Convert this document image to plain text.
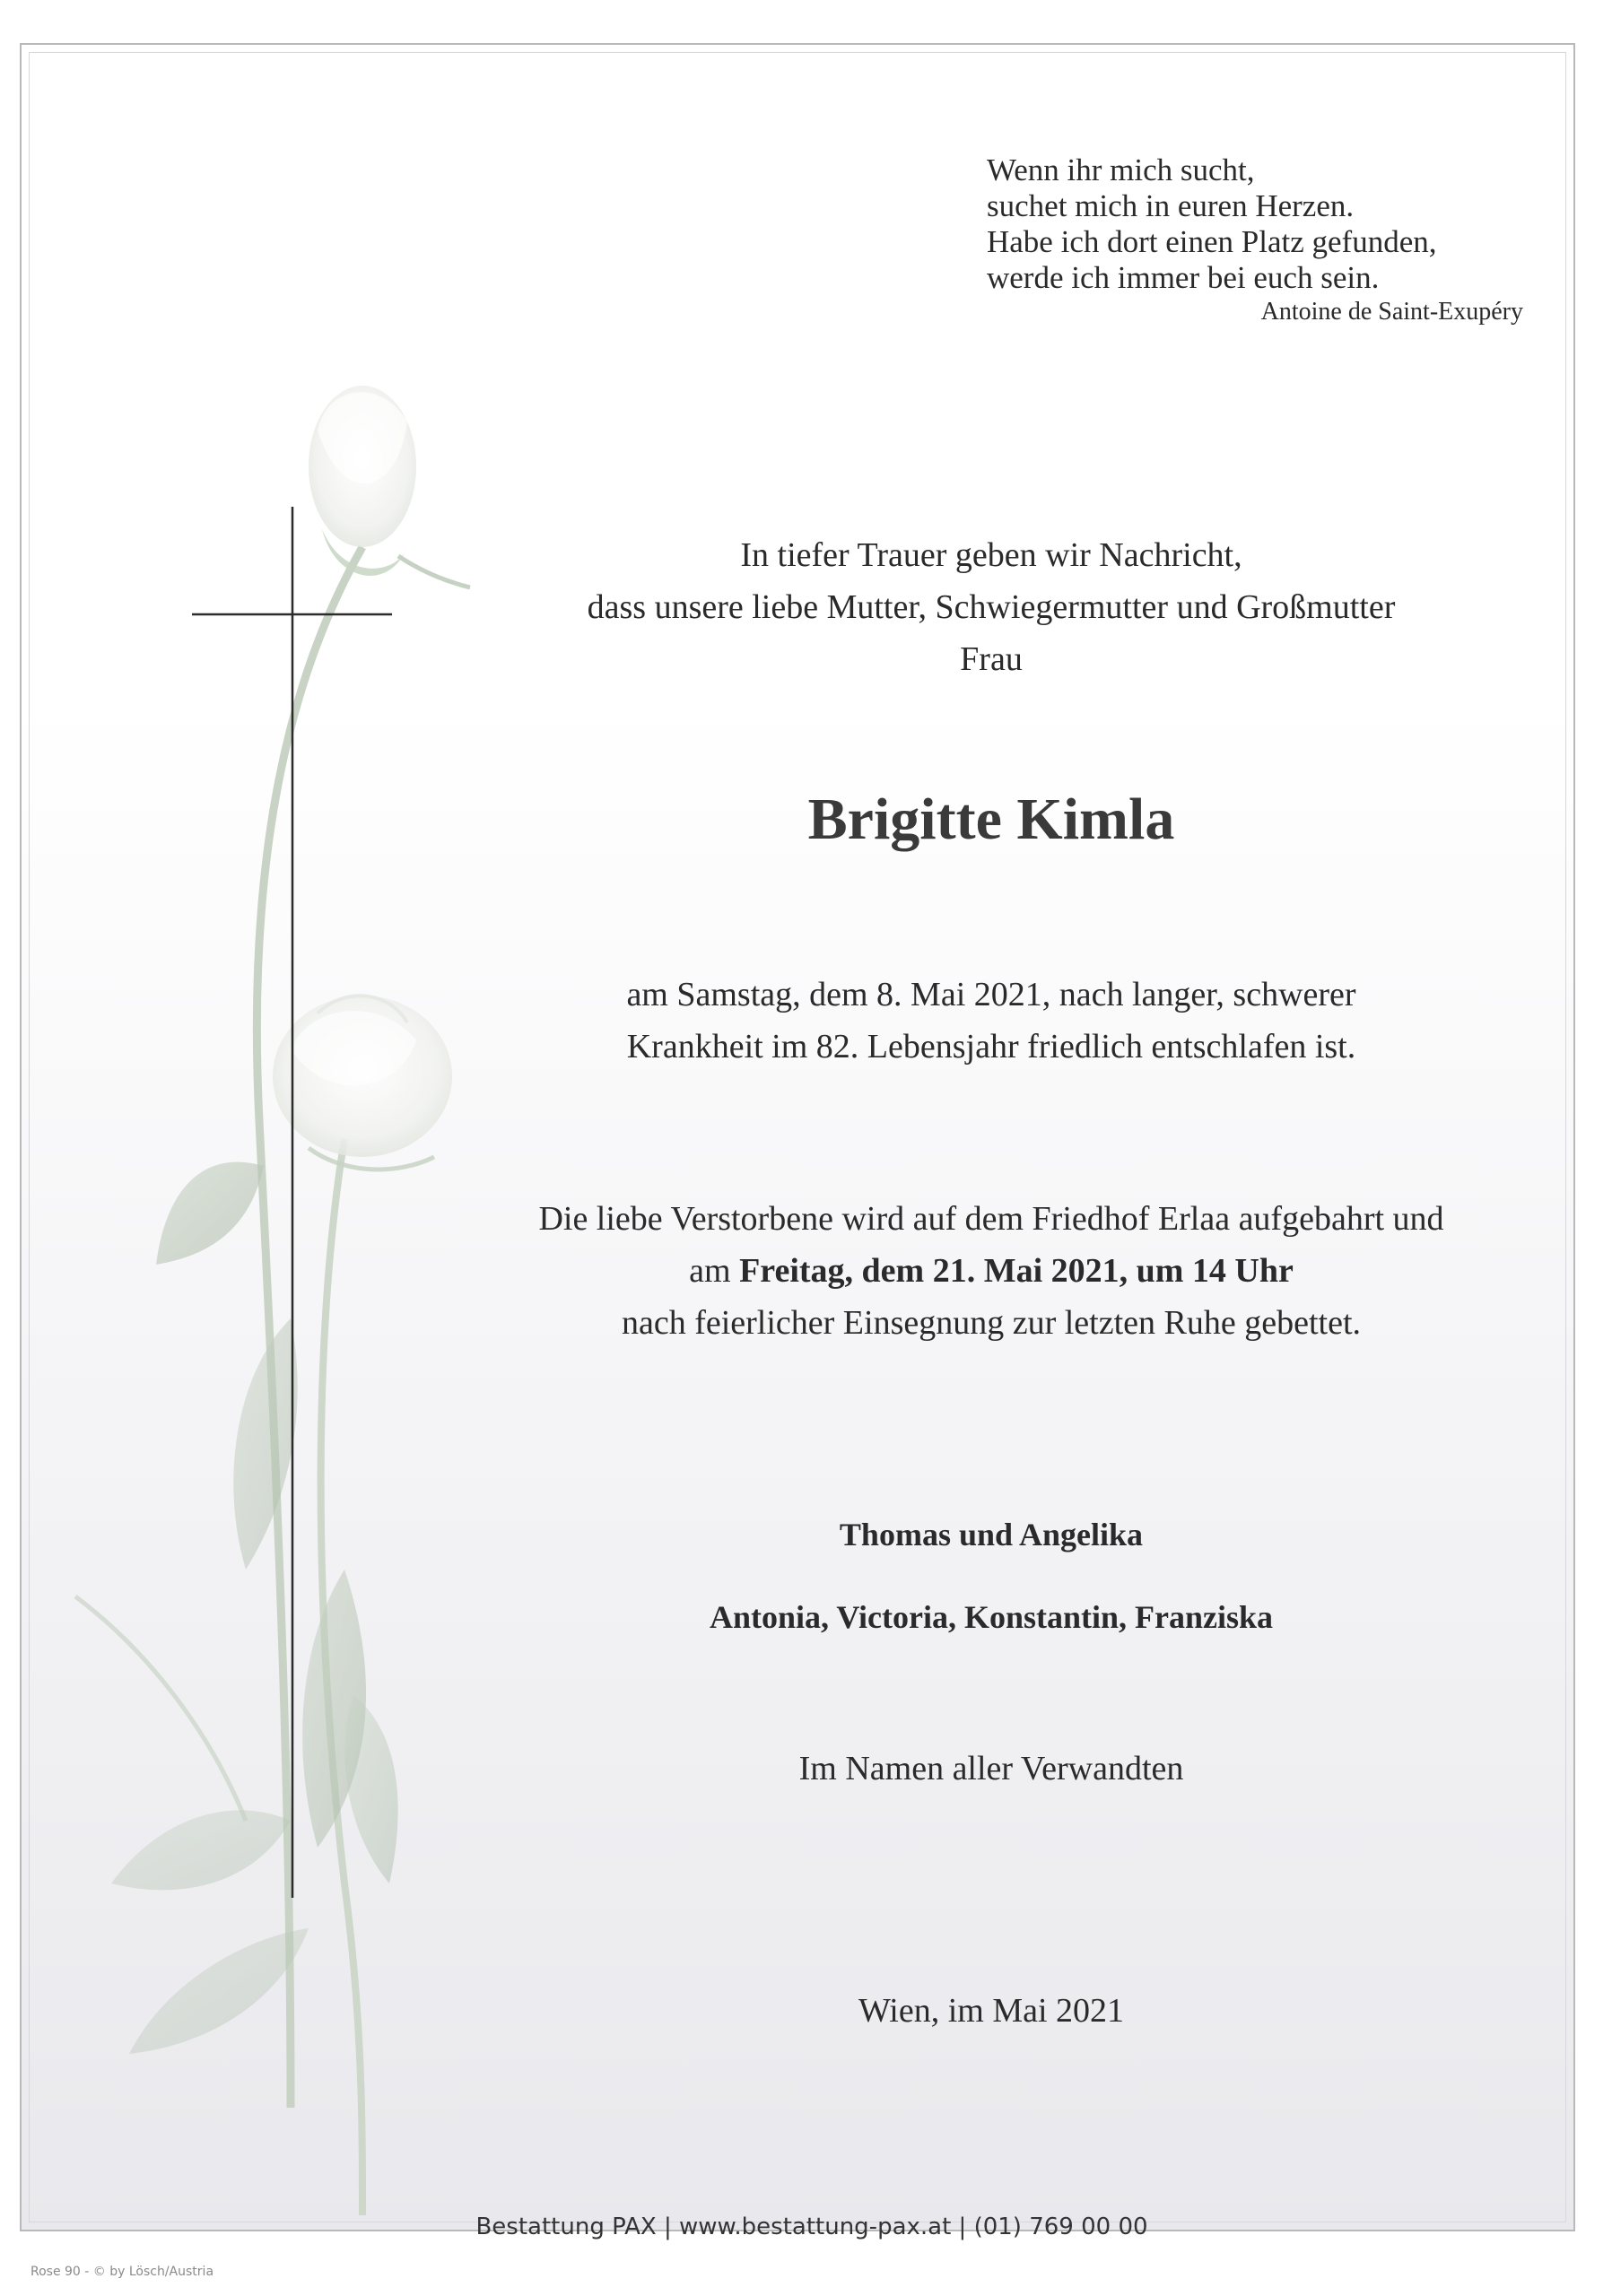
Wenn ihr mich sucht,
suchet mich in euren Herzen.
Habe ich dort einen Platz gefunden,
werde ich immer bei euch sein.
Antoine de Saint-Exupéry
In tiefer Trauer geben wir Nachricht,
dass unsere liebe Mutter, Schwiegermutter und Großmutter
Frau
Brigitte Kimla
am Samstag, dem 8. Mai 2021, nach langer, schwerer
Krankheit im 82. Lebensjahr friedlich entschlafen ist.
Die liebe Verstorbene wird auf dem Friedhof Erlaa aufgebahrt und
am Freitag, dem 21. Mai 2021, um 14 Uhr
nach feierlicher Einsegnung zur letzten Ruhe gebettet.
Thomas und Angelika
Antonia, Victoria, Konstantin, Franziska
Im Namen aller Verwandten
Wien, im Mai 2021
Bestattung PAX | www.bestattung-pax.at | (01) 769 00 00
Rose 90 - © by Lösch/Austria
